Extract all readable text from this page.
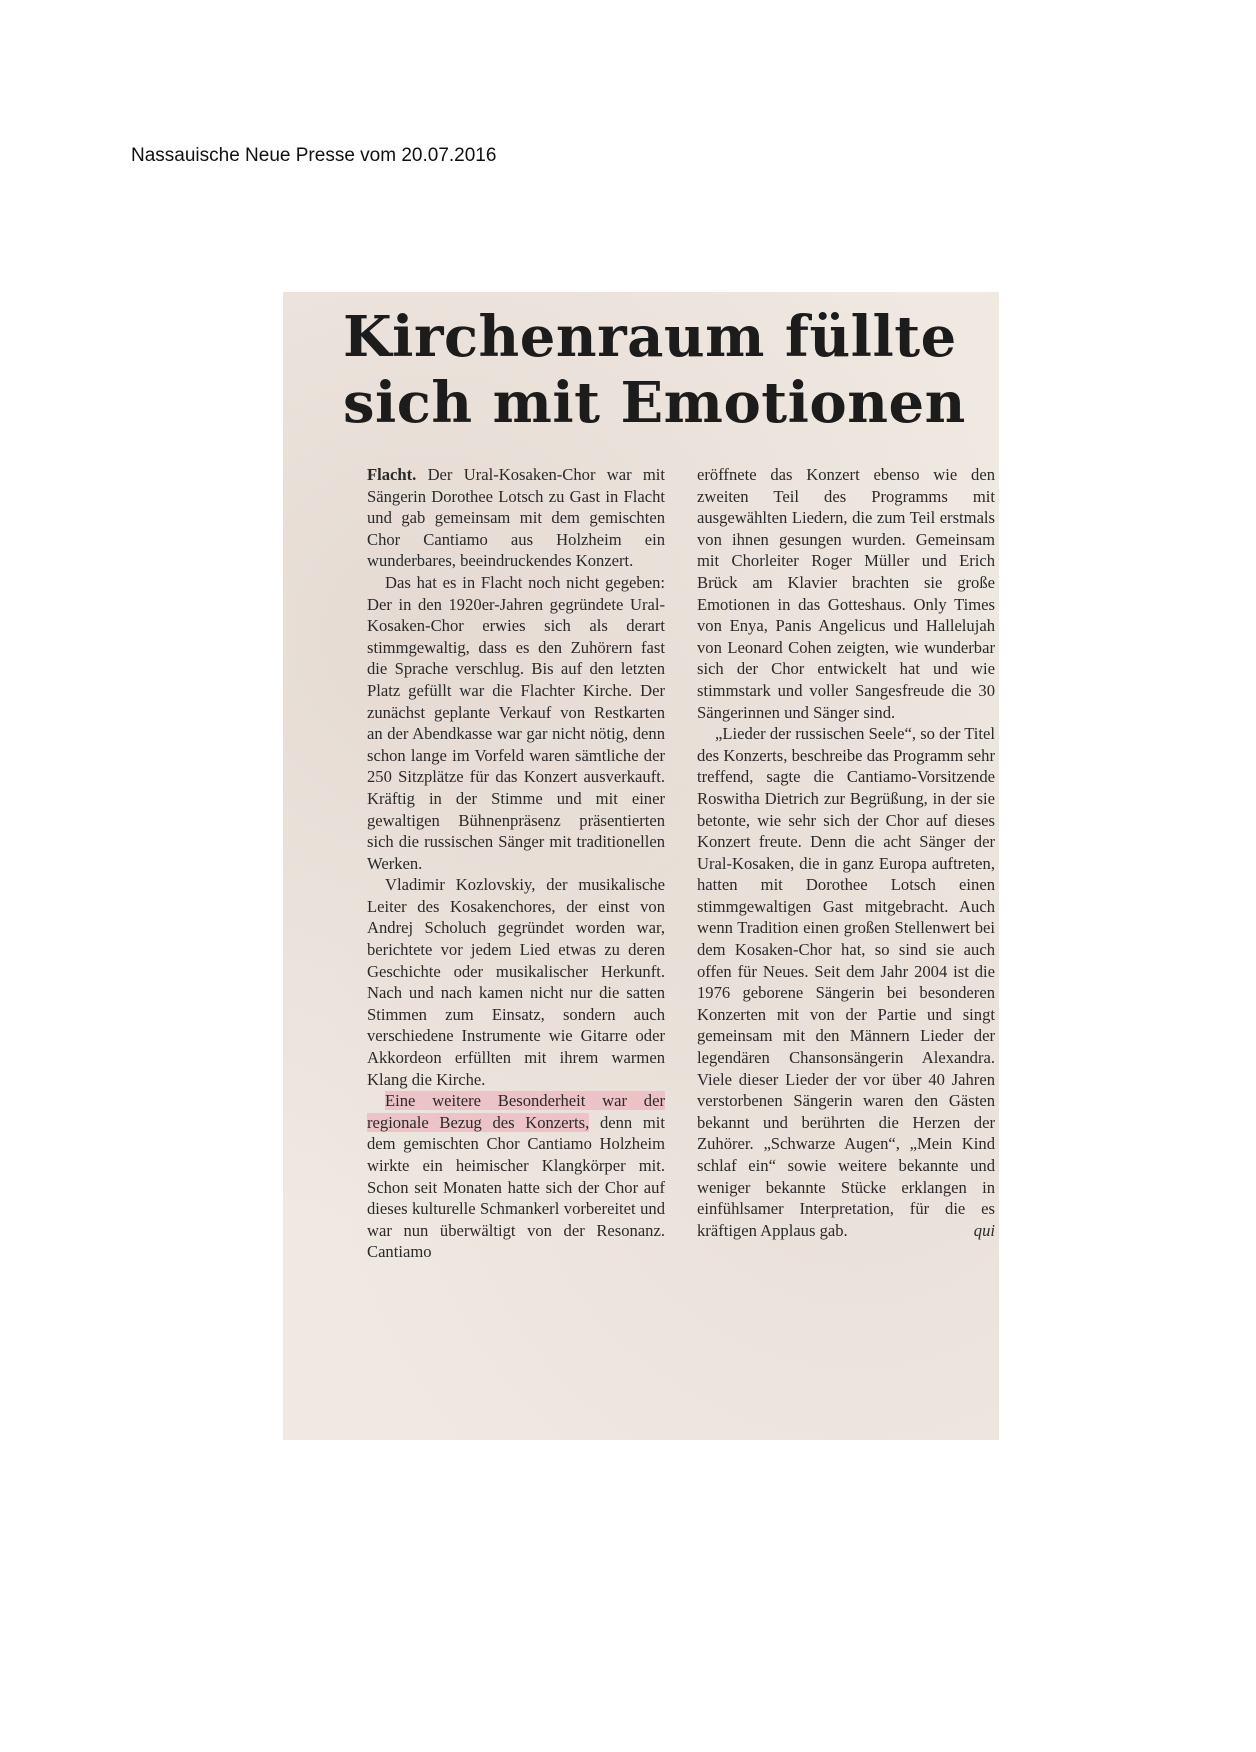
Nassauische Neue Presse vom 20.07.2016
Kirchenraum füllte
sich mit Emotionen

Flacht. Der Ural-Kosaken-Chor war mit Sängerin Dorothee Lotsch zu Gast in Flacht und gab gemeinsam mit dem gemischten Chor Cantiamo aus Holzheim ein wunderbares, beeindruckendes Konzert.

Das hat es in Flacht noch nicht gegeben: Der in den 1920er-Jahren gegründete Ural-Kosaken-Chor erwies sich als derart stimmgewaltig, dass es den Zuhörern fast die Sprache verschlug. Bis auf den letzten Platz gefüllt war die Flachter Kirche. Der zunächst geplante Verkauf von Restkarten an der Abendkasse war gar nicht nötig, denn schon lange im Vorfeld waren sämtliche der 250 Sitzplätze für das Konzert ausverkauft. Kräftig in der Stimme und mit einer gewaltigen Bühnenpräsenz präsentierten sich die russischen Sänger mit traditionellen Werken.

Vladimir Kozlovskiy, der musikalische Leiter des Kosakenchores, der einst von Andrej Scholuch gegründet worden war, berichtete vor jedem Lied etwas zu deren Geschichte oder musikalischer Herkunft. Nach und nach kamen nicht nur die satten Stimmen zum Einsatz, sondern auch verschiedene Instrumente wie Gitarre oder Akkordeon erfüllten mit ihrem warmen Klang die Kirche.

Eine weitere Besonderheit war der regionale Bezug des Konzerts, denn mit dem gemischten Chor Cantiamo Holzheim wirkte ein heimischer Klangkörper mit. Schon seit Monaten hatte sich der Chor auf dieses kulturelle Schmankerl vorbereitet und war nun überwältigt von der Resonanz. Cantiamo

eröffnete das Konzert ebenso wie den zweiten Teil des Programms mit ausgewählten Liedern, die zum Teil erstmals von ihnen gesungen wurden. Gemeinsam mit Chorleiter Roger Müller und Erich Brück am Klavier brachten sie große Emotionen in das Gotteshaus. Only Times von Enya, Panis Angelicus und Hallelujah von Leonard Cohen zeigten, wie wunderbar sich der Chor entwickelt hat und wie stimmstark und voller Sangesfreude die 30 Sängerinnen und Sänger sind.

„Lieder der russischen Seele“, so der Titel des Konzerts, beschreibe das Programm sehr treffend, sagte die Cantiamo-Vorsitzende Roswitha Dietrich zur Begrüßung, in der sie betonte, wie sehr sich der Chor auf dieses Konzert freute. Denn die acht Sänger der Ural-Kosaken, die in ganz Europa auftreten, hatten mit Dorothee Lotsch einen stimmgewaltigen Gast mitgebracht. Auch wenn Tradition einen großen Stellenwert bei dem Kosaken-Chor hat, so sind sie auch offen für Neues. Seit dem Jahr 2004 ist die 1976 geborene Sängerin bei besonderen Konzerten mit von der Partie und singt gemeinsam mit den Männern Lieder der legendären Chansonsängerin Alexandra. Viele dieser Lieder der vor über 40 Jahren verstorbenen Sängerin waren den Gästen bekannt und berührten die Herzen der Zuhörer. „Schwarze Augen“, „Mein Kind schlaf ein“ sowie weitere bekannte und weniger bekannte Stücke erklangen in einfühlsamer Interpretation, für die es kräftigen Applaus gab.	qui
